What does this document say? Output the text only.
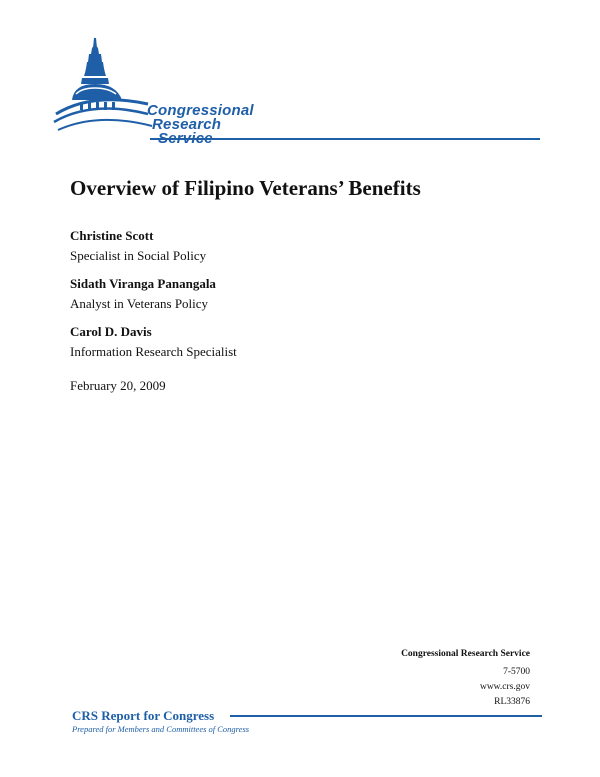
Congressional
Research
Service
Overview of Filipino Veterans’ Benefits
Christine Scott
Specialist in Social Policy
Sidath Viranga Panangala
Analyst in Veterans Policy
Carol D. Davis
Information Research Specialist
February 20, 2009
Congressional Research Service
7-5700
www.crs.gov
RL33876
CRS Report for Congress
Prepared for Members and Committees of Congress
